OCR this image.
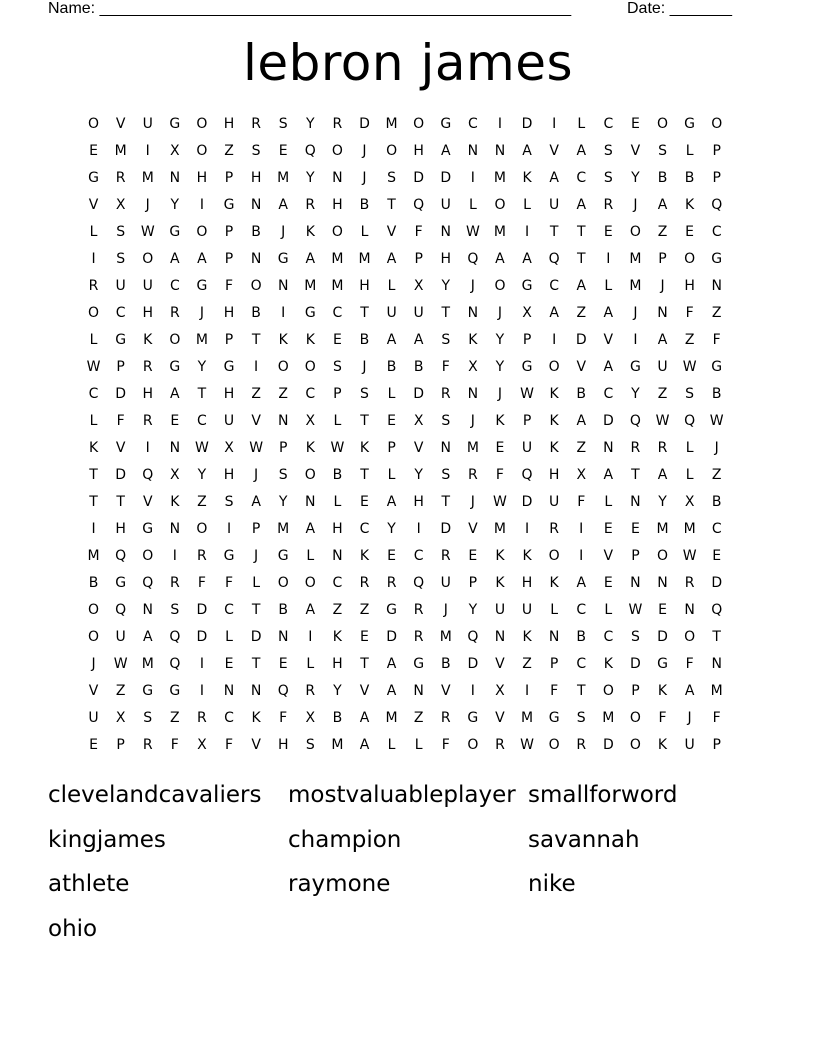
Name: _____________________________________________________	Date: _______
lebron james
O	V	U	G	O	H	R	S	Y	R	D	M	O	G	C	I	D	I	L	C	E	O	G	O
E	M	I	X	O	Z	S	E	Q	O	J	O	H	A	N	N	A	V	A	S	V	S	L	P
G	R	M	N	H	P	H	M	Y	N	J	S	D	D	I	M	K	A	C	S	Y	B	B	P
V	X	J	Y	I	G	N	A	R	H	B	T	Q	U	L	O	L	U	A	R	J	A	K	Q
L	S	W	G	O	P	B	J	K	O	L	V	F	N	W	M	I	T	T	E	O	Z	E	C
I	S	O	A	A	P	N	G	A	M	M	A	P	H	Q	A	A	Q	T	I	M	P	O	G
R	U	U	C	G	F	O	N	M	M	H	L	X	Y	J	O	G	C	A	L	M	J	H	N
O	C	H	R	J	H	B	I	G	C	T	U	U	T	N	J	X	A	Z	A	J	N	F	Z
L	G	K	O	M	P	T	K	K	E	B	A	A	S	K	Y	P	I	D	V	I	A	Z	F
W	P	R	G	Y	G	I	O	O	S	J	B	B	F	X	Y	G	O	V	A	G	U	W	G
C	D	H	A	T	H	Z	Z	C	P	S	L	D	R	N	J	W	K	B	C	Y	Z	S	B
L	F	R	E	C	U	V	N	X	L	T	E	X	S	J	K	P	K	A	D	Q	W	Q	W
K	V	I	N	W	X	W	P	K	W	K	P	V	N	M	E	U	K	Z	N	R	R	L	J
T	D	Q	X	Y	H	J	S	O	B	T	L	Y	S	R	F	Q	H	X	A	T	A	L	Z
T	T	V	K	Z	S	A	Y	N	L	E	A	H	T	J	W	D	U	F	L	N	Y	X	B
I	H	G	N	O	I	P	M	A	H	C	Y	I	D	V	M	I	R	I	E	E	M	M	C
M	Q	O	I	R	G	J	G	L	N	K	E	C	R	E	K	K	O	I	V	P	O	W	E
B	G	Q	R	F	F	L	O	O	C	R	R	Q	U	P	K	H	K	A	E	N	N	R	D
O	Q	N	S	D	C	T	B	A	Z	Z	G	R	J	Y	U	U	L	C	L	W	E	N	Q
O	U	A	Q	D	L	D	N	I	K	E	D	R	M	Q	N	K	N	B	C	S	D	O	T
J	W	M	Q	I	E	T	E	L	H	T	A	G	B	D	V	Z	P	C	K	D	G	F	N
V	Z	G	G	I	N	N	Q	R	Y	V	A	N	V	I	X	I	F	T	O	P	K	A	M
U	X	S	Z	R	C	K	F	X	B	A	M	Z	R	G	V	M	G	S	M	O	F	J	F
E	P	R	F	X	F	V	H	S	M	A	L	L	F	O	R	W	O	R	D	O	K	U	P
clevelandcavaliers	mostvaluableplayer smallforword
kingjames	champion	savannah
athlete	raymone	nike
ohio
